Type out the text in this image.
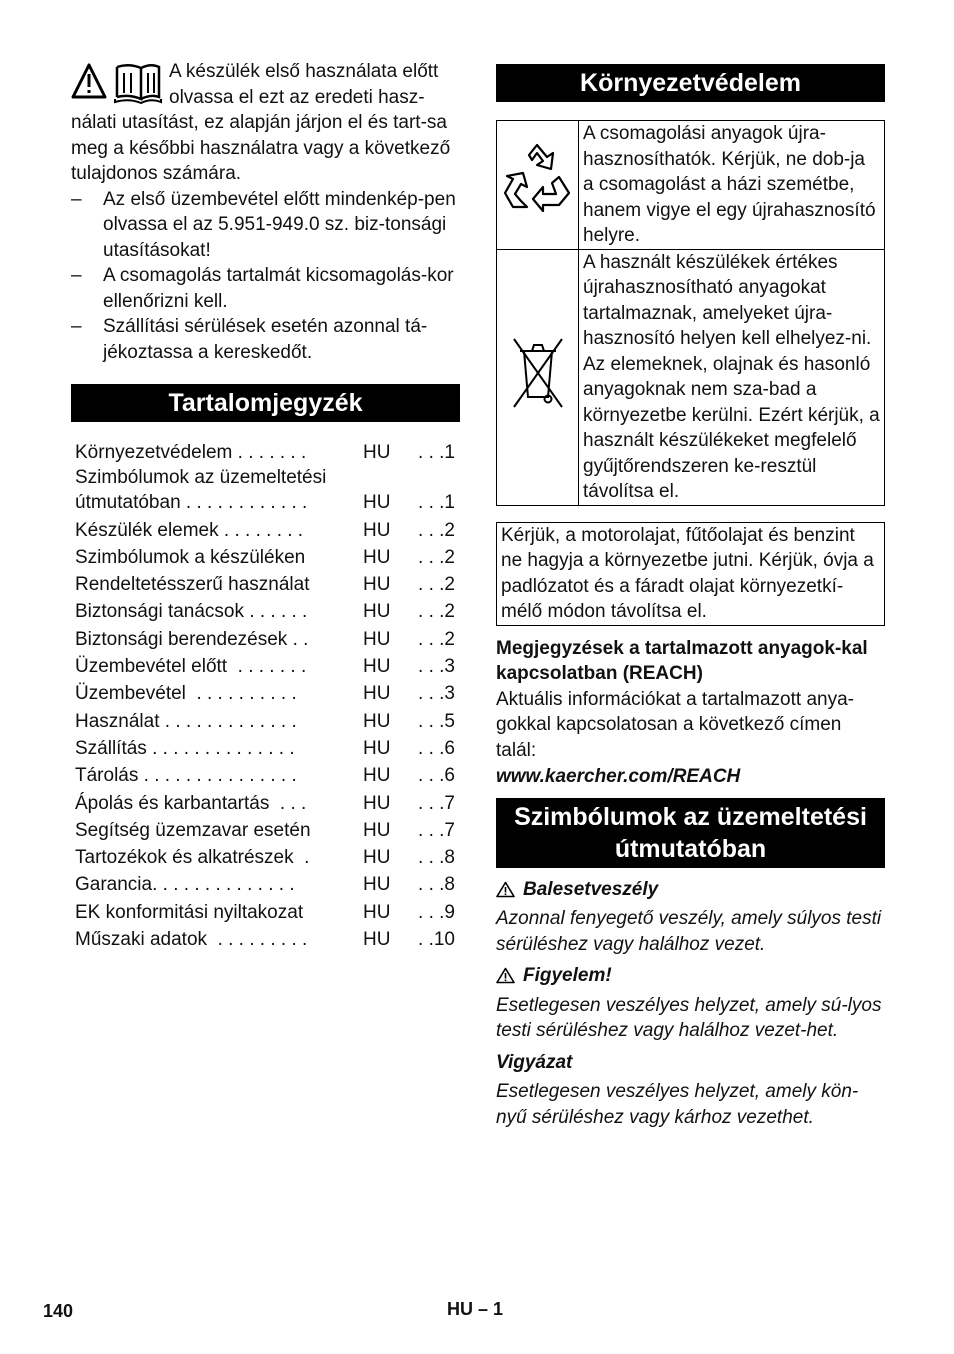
A készülék első használata előtt olvassa el ezt az eredeti hasz-nálati utasítást, ez alapján járjon el és tart-sa meg a későbbi használatra vagy a következő tulajdonos számára.

– Az első üzembevétel előtt mindenkép-pen olvassa el az 5.951-949.0 sz. biz-tonsági utasításokat!
– A csomagolás tartalmát kicsomagolás-kor ellenőrizni kell.
– Szállítási sérülések esetén azonnal tá-jékoztassa a kereskedőt.
Tartalomjegyzék
Környezetvédelem . . . . . . .	HU	. . .1
Szimbólumok az üzemeltetési
útmutatóban . . . . . . . . . . . .	HU	. . .1
Készülék elemek . . . . . . . .	HU	. . .2
Szimbólumok a készüléken	HU	. . .2
Rendeltetésszerű használat	HU	. . .2
Biztonsági tanácsok . . . . . .	HU	. . .2
Biztonsági berendezések . .	HU	. . .2
Üzembevétel előtt  . . . . . . .	HU	. . .3
Üzembevétel  . . . . . . . . . .	HU	. . .3
Használat . . . . . . . . . . . . .	HU	. . .5
Szállítás . . . . . . . . . . . . . .	HU	. . .6
Tárolás . . . . . . . . . . . . . . .	HU	. . .6
Ápolás és karbantartás  . . .	HU	. . .7
Segítség üzemzavar esetén	HU	. . .7
Tartozékok és alkatrészek  .	HU	. . .8
Garancia. . . . . . . . . . . . . .	HU	. . .8
EK konformitási nyiltakozat	HU	. . .9
Műszaki adatok  . . . . . . . . .	HU	. .10
Környezetvédelem
	A csomagolási anyagok újra-hasznosíthatók. Kérjük, ne dob-ja a csomagolást a házi szemétbe, hanem vigye el egy újrahasznosító helyre.
	A használt készülékek értékes újrahasznosítható anyagokat tartalmaznak, amelyeket újra-hasznosító helyen kell elhelyez-ni. Az elemeknek, olajnak és hasonló anyagoknak nem sza-bad a környezetbe kerülni. Ezért kérjük, a használt készülékeket megfelelő gyűjtőrendszeren ke-resztül távolítsa el.
Kérjük, a motorolajat, fűtőolajat és benzint ne hagyja a környezetbe jutni. Kérjük, óvja a padlózatot és a fáradt olajat környezetkí-mélő módon távolítsa el.

Megjegyzések a tartalmazott anyagok-kal kapcsolatban (REACH)

Aktuális információkat a tartalmazott anya-gokkal kapcsolatosan a következő címen talál:

www.kaercher.com/REACH

Szimbólumok az üzemeltetési
útmutatóban

Balesetveszély

Azonnal fenyegető veszély, amely súlyos testi sérüléshez vagy halálhoz vezet.

Figyelem!

Esetlegesen veszélyes helyzet, amely sú-lyos testi sérüléshez vagy halálhoz vezet-het.

Vigyázat

Esetlegesen veszélyes helyzet, amely kön-nyű sérüléshez vagy kárhoz vezethet.

140	HU – 1
